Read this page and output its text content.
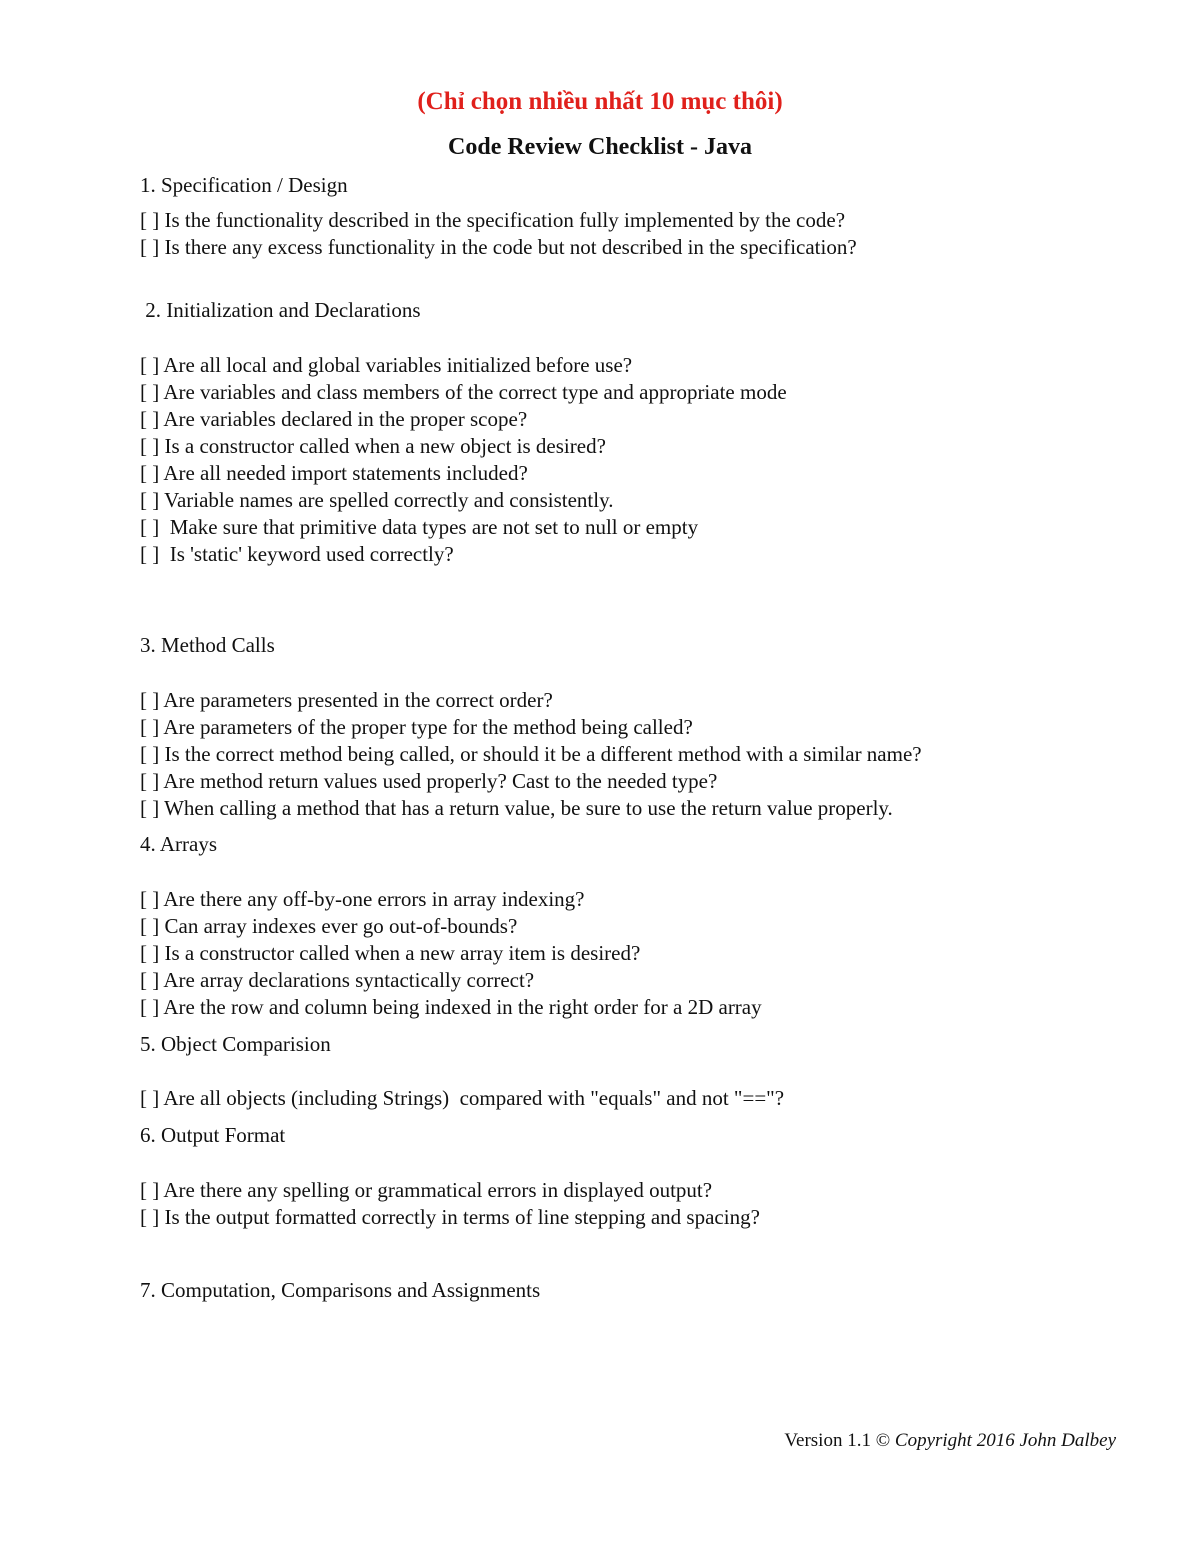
(Chỉ chọn nhiều nhất 10 mục thôi)
Code Review Checklist - Java
1. Specification / Design
[ ] Is the functionality described in the specification fully implemented by the code?
[ ] Is there any excess functionality in the code but not described in the specification?
2. Initialization and Declarations
[ ] Are all local and global variables initialized before use?
[ ] Are variables and class members of the correct type and appropriate mode
[ ] Are variables declared in the proper scope?
[ ] Is a constructor called when a new object is desired?
[ ] Are all needed import statements included?
[ ] Variable names are spelled correctly and consistently.
[ ]  Make sure that primitive data types are not set to null or empty
[ ]  Is 'static' keyword used correctly?
3. Method Calls
[ ] Are parameters presented in the correct order?
[ ] Are parameters of the proper type for the method being called?
[ ] Is the correct method being called, or should it be a different method with a similar name?
[ ] Are method return values used properly? Cast to the needed type?
[ ] When calling a method that has a return value, be sure to use the return value properly.
4. Arrays
[ ] Are there any off-by-one errors in array indexing?
[ ] Can array indexes ever go out-of-bounds?
[ ] Is a constructor called when a new array item is desired?
[ ] Are array declarations syntactically correct?
[ ] Are the row and column being indexed in the right order for a 2D array
5. Object Comparision
[ ] Are all objects (including Strings)  compared with "equals" and not "=="?
6. Output Format
[ ] Are there any spelling or grammatical errors in displayed output?
[ ] Is the output formatted correctly in terms of line stepping and spacing?
7. Computation, Comparisons and Assignments
Version 1.1 © Copyright 2016 John Dalbey
